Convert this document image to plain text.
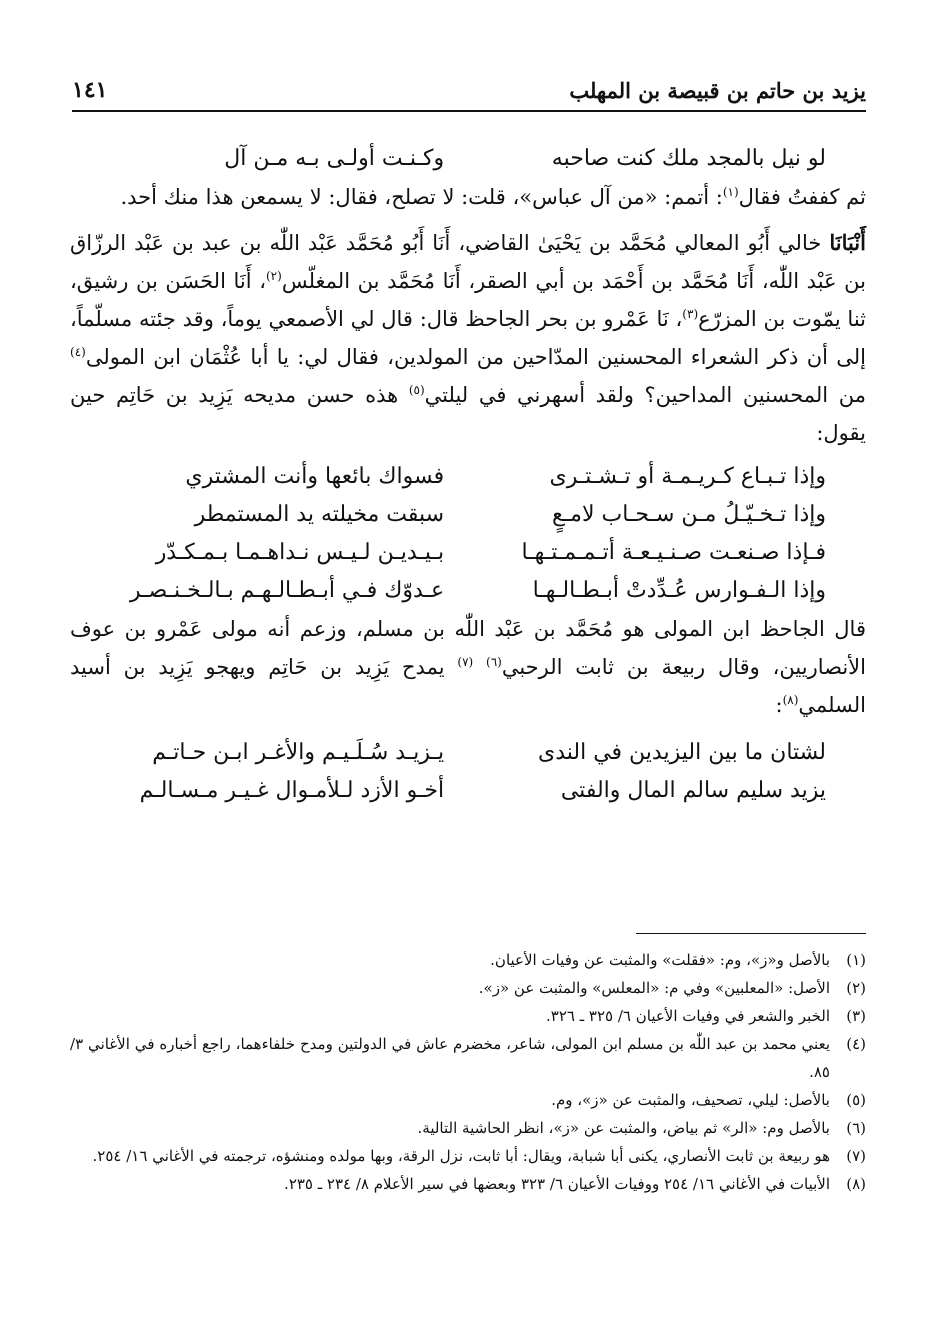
يزيد بن حاتم بن قبيصة بن المهلب
١٤١
لو نيل بالمجد ملك كنت صاحبه
وكـنـت أولـى بـه مـن آل

ثم كففتُ فقال$^{(١)}$: أتمم: «من آل عباس»، قلت: لا تصلح، فقال: لا يسمعن هذا منك أحد.

أَنْبَانَا خالي أَبُو المعالي مُحَمَّد بن يَحْيَىٰ القاضي، أَنَا أَبُو مُحَمَّد عَبْد اللّٰه بن عبد بن عَبْد الرزّاق بن عَبْد اللّٰه، أَنَا مُحَمَّد بن أَحْمَد بن أبي الصقر، أَنَا مُحَمَّد بن المغلّس$^{(٢)}$، أَنَا الحَسَن بن رشيق، ثنا يمّوت بن المزرّع$^{(٣)}$، نَا عَمْرو بن بحر الجاحظ قال: قال لي الأصمعي يوماً، وقد جئته مسلّماً، إلى أن ذكر الشعراء المحسنين المدّاحين من المولدين، فقال لي: يا أبا عُثْمَان ابن المولى$^{(٤)}$ من المحسنين المداحين؟ ولقد أسهرني في ليلتي$^{(٥)}$ هذه حسن مديحه يَزِيد بن حَاتِم حين يقول:

وإذا تـبـاع كـريـمـة أو تـشـتـرى
فسواك بائعها وأنت المشتري
وإذا تـخـيّـلُ مـن سـحـاب لامـعٍ
سبقت مخيلته يد المستمطر
فـإذا صـنعـت صـنـيـعـة أتـمـمـتـهـا
بـيـديـن لـيـس نـداهـمـا بـمـكـدّر
وإذا الـفـوارس عُـدِّدتْ أبـطـالـهـا
عـدوّك فـي أبـطـالـهـم بـالـخـنـصـر

قال الجاحظ ابن المولى هو مُحَمَّد بن عَبْد اللّٰه بن مسلم، وزعم أنه مولى عَمْرو بن عوف الأنصاريين، وقال ربيعة بن ثابت الرحبي$^{(٦)}$ $^{(٧)}$ يمدح يَزِيد بن حَاتِم ويهجو يَزِيد بن أسيد السلمي$^{(٨)}$:

لشتان ما بين اليزيدين في الندى
يـزيـد سُـلَـيـم والأغـر ابـن حـاتـم
يزيد سليم سالم المال والفتى
أخـو الأزد لـلأمـوال غـيـر مـسـالـم
(١)
بالأصل و«ز»، وم: «فقلت» والمثبت عن وفيات الأعيان.
(٢)
الأصل: «المعلبين» وفي م: «المعلس» والمثبت عن «ز».
(٣)
الخبر والشعر في وفيات الأعيان ٦/ ٣٢٥ ـ ٣٢٦.
(٤)
يعني محمد بن عبد اللّٰه بن مسلم ابن المولى، شاعر، مخضرم عاش في الدولتين ومدح خلفاءهما، راجع أخباره في الأغاني ٣/ ٨٥.
(٥)
بالأصل: ليلي، تصحيف، والمثبت عن «ز»، وم.
(٦)
بالأصل وم: «الر» ثم بياض، والمثبت عن «ز»، انظر الحاشية التالية.
(٧)
هو ربيعة بن ثابت الأنصاري، يكنى أبا شبابة، ويقال: أبا ثابت، نزل الرقة، وبها مولده ومنشؤه، ترجمته في الأغاني ١٦/ ٢٥٤.
(٨)
الأبيات في الأغاني ١٦/ ٢٥٤ ووفيات الأعيان ٦/ ٣٢٣ وبعضها في سير الأعلام ٨/ ٢٣٤ ـ ٢٣٥.
